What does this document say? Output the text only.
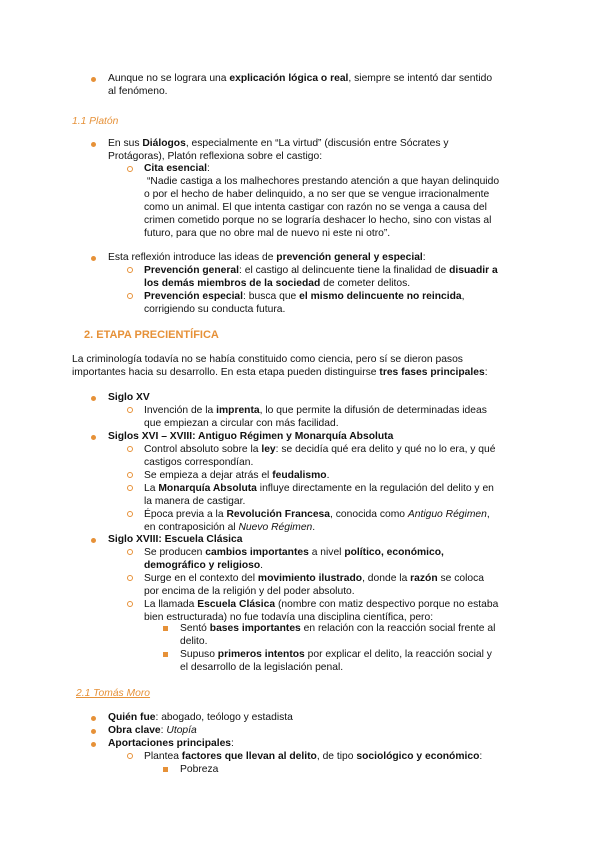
Aunque no se lograra una explicación lógica o real, siempre se intentó dar sentido
al fenómeno.
1.1 Platón
En sus Diálogos, especialmente en “La virtud” (discusión entre Sócrates y
Protágoras), Platón reflexiona sobre el castigo:
Cita esencial:
“Nadie castiga a los malhechores prestando atención a que hayan delinquido
o por el hecho de haber delinquido, a no ser que se vengue irracionalmente
como un animal. El que intenta castigar con razón no se venga a causa del
crimen cometido porque no se lograría deshacer lo hecho, sino con vistas al
futuro, para que no obre mal de nuevo ni este ni otro”.
Esta reflexión introduce las ideas de prevención general y especial:
Prevención general: el castigo al delincuente tiene la finalidad de disuadir a
los demás miembros de la sociedad de cometer delitos.
Prevención especial: busca que el mismo delincuente no reincida,
corrigiendo su conducta futura.
2. ETAPA PRECIENTÍFICA
La criminología todavía no se había constituido como ciencia, pero sí se dieron pasos
importantes hacia su desarrollo. En esta etapa pueden distinguirse tres fases principales:
Siglo XV
Invención de la imprenta, lo que permite la difusión de determinadas ideas
que empiezan a circular con más facilidad.
Siglos XVI – XVIII: Antiguo Régimen y Monarquía Absoluta
Control absoluto sobre la ley: se decidía qué era delito y qué no lo era, y qué
castigos correspondían.
Se empieza a dejar atrás el feudalismo.
La Monarquía Absoluta influye directamente en la regulación del delito y en
la manera de castigar.
Época previa a la Revolución Francesa, conocida como Antiguo Régimen,
en contraposición al Nuevo Régimen.
Siglo XVIII: Escuela Clásica
Se producen cambios importantes a nivel político, económico,
demográfico y religioso.
Surge en el contexto del movimiento ilustrado, donde la razón se coloca
por encima de la religión y del poder absoluto.
La llamada Escuela Clásica (nombre con matiz despectivo porque no estaba
bien estructurada) no fue todavía una disciplina científica, pero:
Sentó bases importantes en relación con la reacción social frente al
delito.
Supuso primeros intentos por explicar el delito, la reacción social y
el desarrollo de la legislación penal.
2.1 Tomás Moro
Quién fue: abogado, teólogo y estadista
Obra clave: Utopía
Aportaciones principales:
Plantea factores que llevan al delito, de tipo sociológico y económico:
Pobreza
